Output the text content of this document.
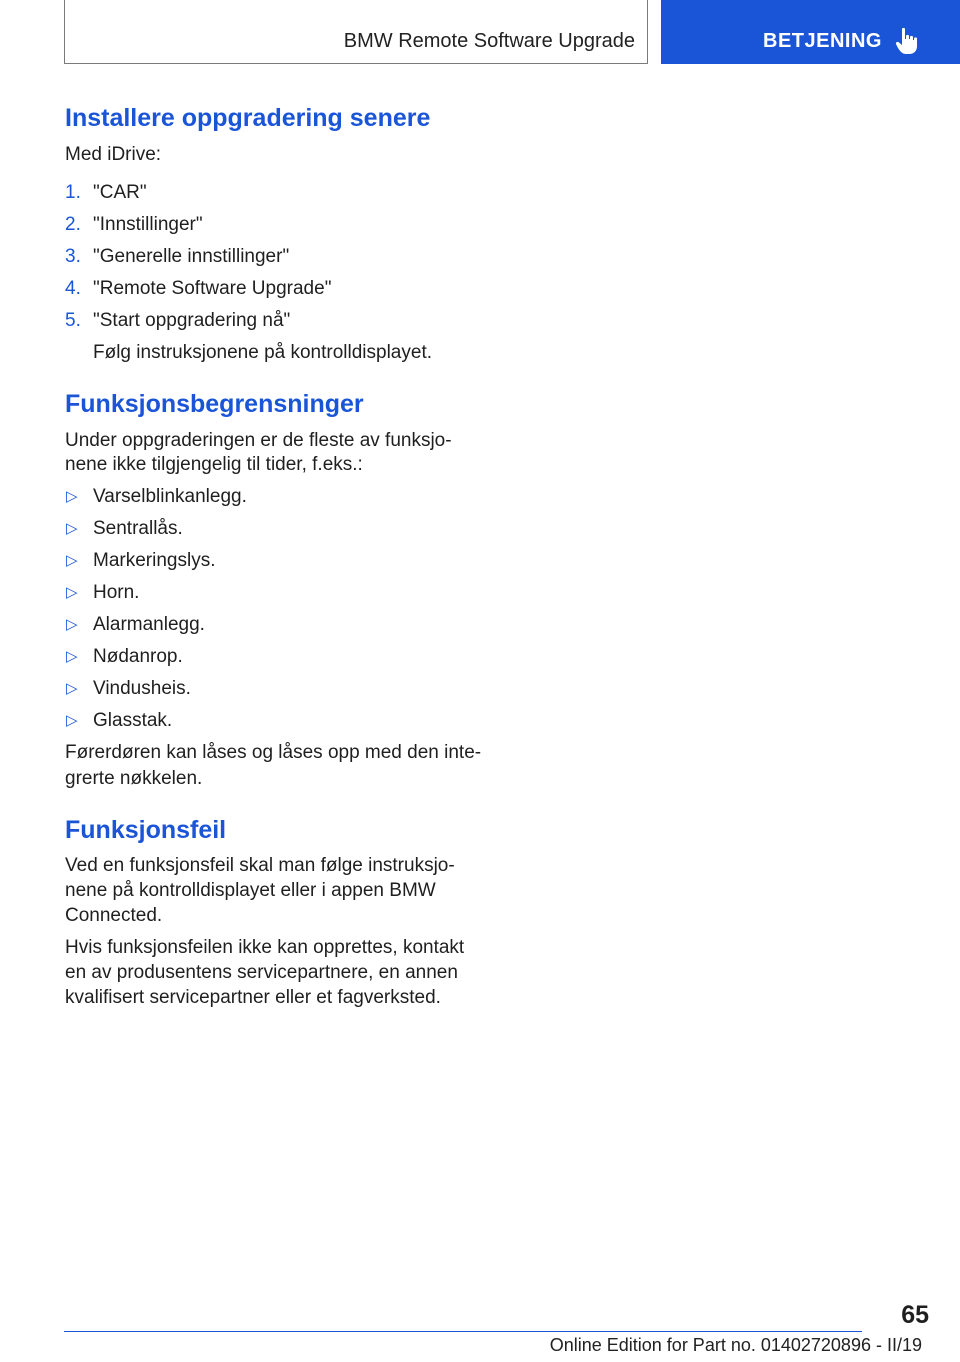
BMW Remote Software Upgrade	BETJENING
Installere oppgradering senere

Med iDrive:

1. "CAR"
2. "Innstillinger"
3. "Generelle innstillinger"
4. "Remote Software Upgrade"
5. "Start oppgradering nå"
Følg instruksjonene på kontrolldisplayet.
Funksjonsbegrensninger
Under oppgraderingen er de fleste av funksjo-
nene ikke tilgjengelig til tider, f.eks.:
▷ Varselblinkanlegg.
▷ Sentrallås.
▷ Markeringslys.
▷ Horn.
▷ Alarmanlegg.
▷ Nødanrop.
▷ Vindusheis.
▷ Glasstak.
Førerdøren kan låses og låses opp med den inte-
grerte nøkkelen.
Funksjonsfeil
Ved en funksjonsfeil skal man følge instruksjo-
nene på kontrolldisplayet eller i appen BMW
Connected.
Hvis funksjonsfeilen ikke kan opprettes, kontakt
en av produsentens servicepartnere, en annen
kvalifisert servicepartner eller et fagverksted.
65
Online Edition for Part no. 01402720896 - II/19
